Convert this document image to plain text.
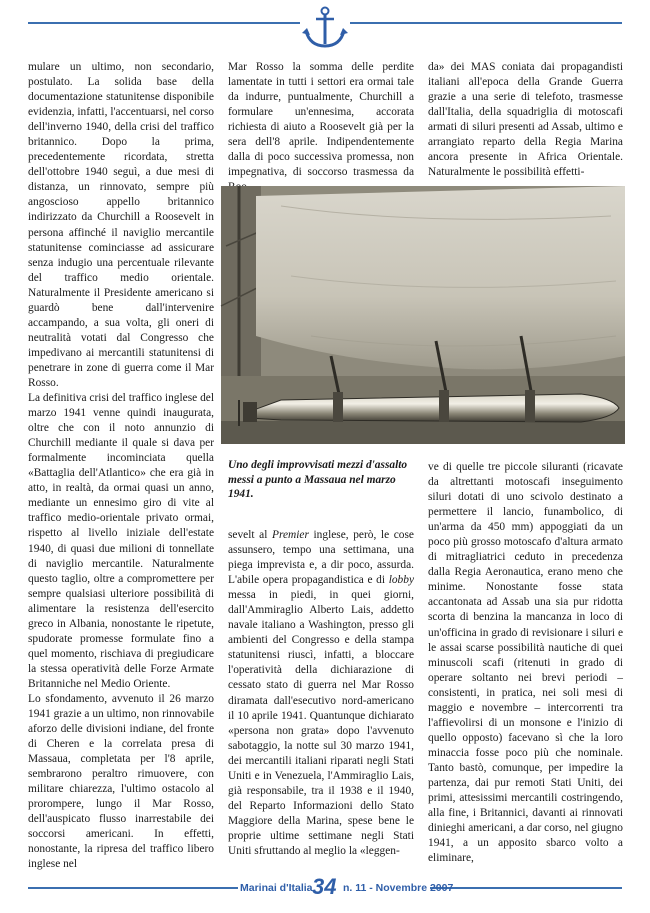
mulare un ultimo, non secondario, postulato. La solida base della documentazione statunitense disponibile evidenzia, infatti, l'accentuarsi, nel corso dell'inverno 1940, della crisi del traffico britannico. Dopo la prima, precedentemente ricordata, stretta dell'ottobre 1940 seguì, a due mesi di distanza, un rinnovato, sempre più angoscioso appello britannico indirizzato da Churchill a Roosevelt in persona affinché il naviglio mercantile statunitense cominciasse ad assicurare senza indugio una percentuale rilevante del traffico medio orientale. Naturalmente il Presidente americano si guardò bene dall'intervenire accampando, a sua volta, gli oneri di neutralità votati dal Congresso che impedivano ai mercantili statunitensi di penetrare in zone di guerra come il Mar Rosso.

La definitiva crisi del traffico inglese del marzo 1941 venne quindi inaugurata, oltre che con il noto annunzio di Churchill mediante il quale si dava per formalmente incominciata quella «Battaglia dell'Atlantico» che era già in atto, in realtà, da ormai quasi un anno, mediante un ennesimo giro di vite al traffico medio-orientale privato ormai, rispetto al livello iniziale dell'estate 1940, di quasi due milioni di tonnellate di naviglio mercantile. Naturalmente questo taglio, oltre a compromettere per sempre qualsiasi ulteriore possibilità di alimentare la resistenza dell'esercito greco in Albania, nonostante le ripetute, spudorate promesse formulate fino a quel momento, rischiava di pregiudicare la stessa operatività delle Forze Armate Britanniche nel Medio Oriente.

Lo sfondamento, avvenuto il 26 marzo 1941 grazie a un ultimo, non rinnovabile aforzo delle divisioni indiane, del fronte di Cheren e la correlata presa di Massaua, completata per l'8 aprile, sembrarono peraltro rimuovere, con militare chiarezza, l'ultimo ostacolo al prorompere, lungo il Mar Rosso, dell'auspicato flusso inarrestabile dei soccorsi americani. In effetti, nonostante, la ripresa del traffico libero inglese nel

Mar Rosso la somma delle perdite lamentate in tutti i settori era ormai tale da indurre, puntualmente, Churchill a formulare un'ennesima, accorata richiesta di aiuto a Roosevelt già per la sera dell'8 aprile. Indipendentemente dalla di poco successiva promessa, non impegnativa, di soccorso trasmessa da

da» dei MAS coniata dai propagandisti italiani all'epoca della Grande Guerra grazie a una serie di telefoto, trasmesse dall'Italia, della squadriglia di motoscafi armati di siluri presenti ad Assab, ultimo e arrangiato reparto della Regia Marina ancora presente in Africa Orientale. Naturalmente le possibilità effetti-

Uno degli improvvisati mezzi d'assalto messi a punto a Massaua nel marzo 1941.

sevelt al Premier inglese, però, le cose assunsero, tempo una settimana, una piega imprevista e, a dir poco, assurda. L'abile opera propagandistica e di lobby messa in piedi, in quei giorni, dall'Ammiraglio Alberto Lais, addetto navale italiano a Washington, presso gli ambienti del Congresso e della stampa statunitensi riuscì, infatti, a bloccare l'operatività della dichiarazione di cessato stato di guerra nel Mar Rosso diramata dall'esecutivo nord-americano il 10 aprile 1941. Quantunque dichiarato «persona non grata» dopo l'avvenuto sabotaggio, la notte sul 30 marzo 1941, dei mercantili italiani riparati negli Stati Uniti e in Venezuela, l'Ammiraglio Lais, già responsabile, tra il 1938 e il 1940, del Reparto Informazioni dello Stato Maggiore della Marina, spese bene le proprie ultime settimane negli Stati Uniti sfruttando al meglio la «leggen-

ve di quelle tre piccole siluranti (ricavate da altrettanti motoscafi inseguimento siluri dotati di uno scivolo destinato a permettere il lancio, funambolico, di un'arma da 450 mm) appoggiati da un poco più grosso motoscafo d'altura armato di mitragliatrici ceduto in precedenza dalla Regia Aeronautica, erano meno che minime. Nonostante fosse stata accantonata ad Assab una sia pur ridotta scorta di benzina la mancanza in loco di un'officina in grado di revisionare i siluri e le assai scarse possibilità nautiche di quei minuscoli scafi (ritenuti in grado di operare soltanto nei brevi periodi – consistenti, in pratica, nei soli mesi di maggio e novembre – intercorrenti tra l'affievolirsi di un monsone e l'inizio di quello opposto) facevano sì che la loro minaccia fosse poco più che nominale. Tanto bastò, comunque, per impedire la partenza, dai pur remoti Stati Uniti, dei primi, attesissimi mercantili costringendo, alla fine, i Britannici, davanti ai rinnovati dinieghi americani, a dar corso, nel giugno 1941, a un apposito sbarco volto a eliminare,

Marinai d'Italia 34 n. 11 - Novembre 2007
